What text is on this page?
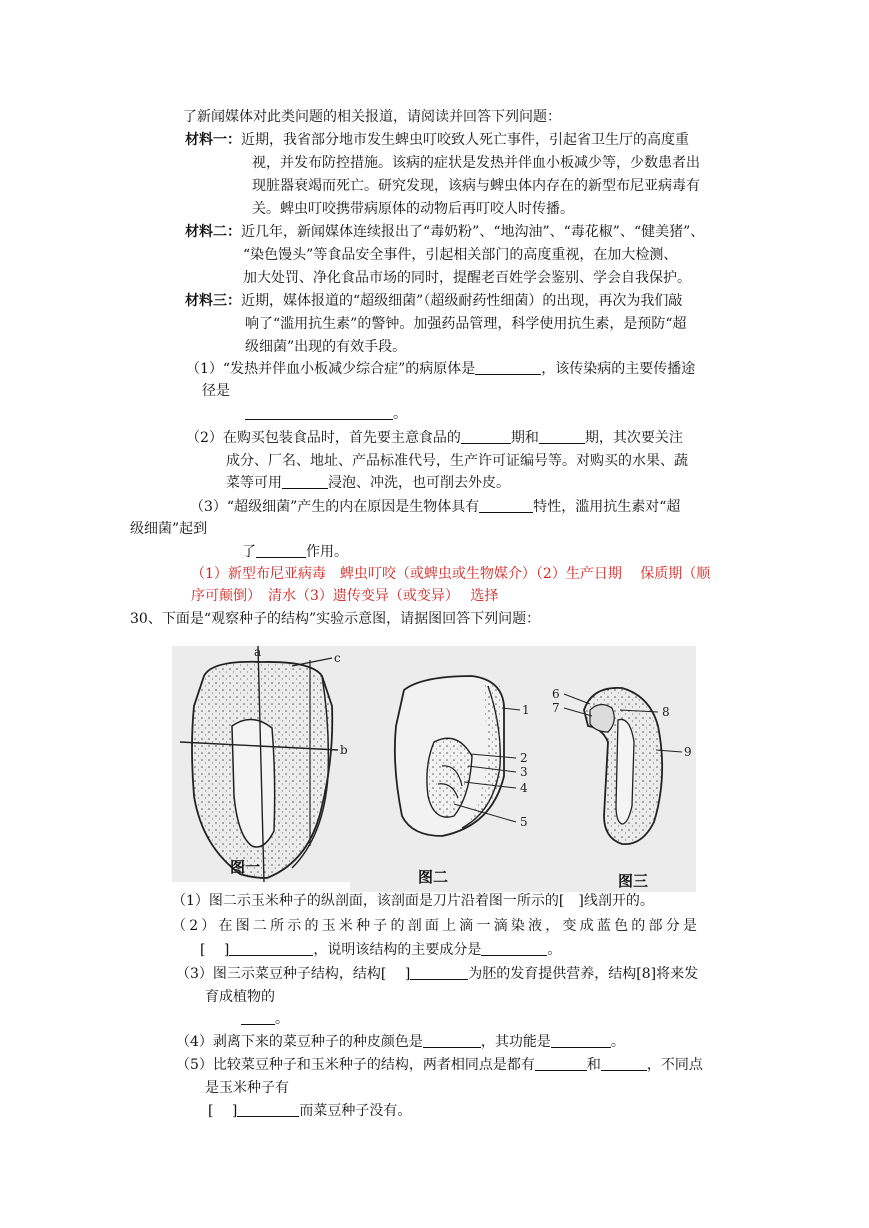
了新闻媒体对此类问题的相关报道，请阅读并回答下列问题：
材料一：近期，我省部分地市发生蜱虫叮咬致人死亡事件，引起省卫生厅的高度重
视，并发布防控措施。该病的症状是发热并伴血小板减少等，少数患者出
现脏器衰竭而死亡。研究发现，该病与蜱虫体内存在的新型布尼亚病毒有
关。蜱虫叮咬携带病原体的动物后再叮咬人时传播。
材料二：近几年，新闻媒体连续报出了“毒奶粉”、“地沟油”、“毒花椒”、“健美猪”、
“染色馒头”等食品安全事件，引起相关部门的高度重视，在加大检测、
加大处罚、净化食品市场的同时，提醒老百姓学会鉴别、学会自我保护。
材料三：近期，媒体报道的“超级细菌”（超级耐药性细菌）的出现，再次为我们敲
响了“滥用抗生素”的警钟。加强药品管理，科学使用抗生素，是预防“超
级细菌”出现的有效手段。
（1）“发热并伴血小板减少综合症”的病原体是	，该传染病的主要传播途
径是
。
（2）在购买包装食品时，首先要主意食品的	期和	期，其次要关注
成分、厂名、地址、产品标准代号，生产许可证编号等。对购买的水果、蔬
菜等可用	浸泡、冲洗，也可削去外皮。
（3）“超级细菌”产生的内在原因是生物体具有	特性，滥用抗生素对“超
级细菌”起到
了	作用。
（1）新型布尼亚病毒　蜱虫叮咬（或蜱虫或生物媒介）（2）生产日期　 保质期（顺
序可颠倒）　清水（3）遗传变异（或变异）　 选择
30、下面是“观察种子的结构”实验示意图，请据图回答下列问题：
a
b
c
图一
1
2
3
4
5
图二
6
7	8
9
图三
（1）图二示玉米种子的纵剖面，该剖面是刀片沿着图一所示的[　]线剖开的。
（2）在图二所示的玉米种子的剖面上滴一滴染液，变成蓝色的部分是
[　 ]	，说明该结构的主要成分是	。
（3）图三示菜豆种子结构，结构[　 ]	为胚的发育提供营养，结构[8]将来发
育成植物的
。
（4）剥离下来的菜豆种子的种皮颜色是	，其功能是	。
（5）比较菜豆种子和玉米种子的结构，两者相同点是都有	和	，不同点
是玉米种子有
[　 ]	而菜豆种子没有。
